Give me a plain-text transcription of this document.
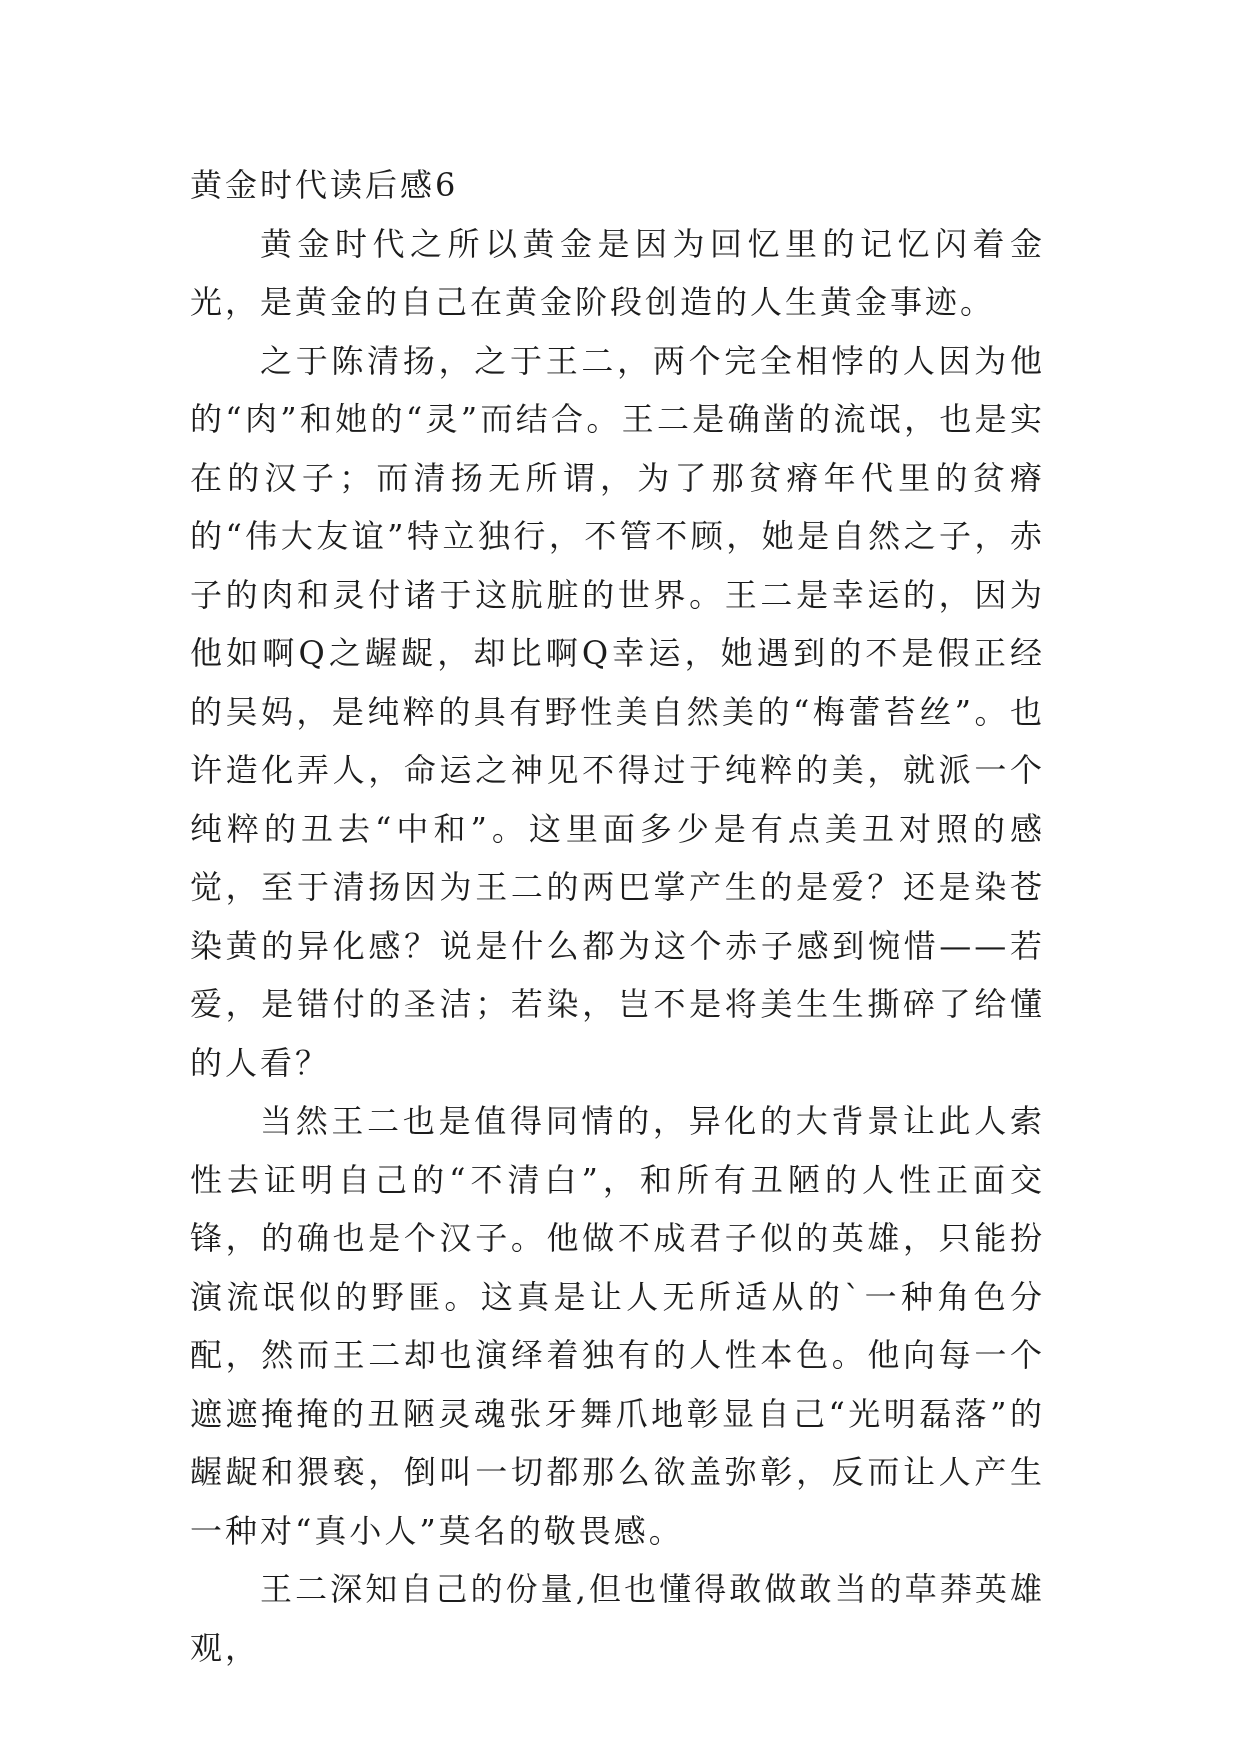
黄金时代读后感6

黄金时代之所以黄金是因为回忆里的记忆闪着金光，是黄金的自己在黄金阶段创造的人生黄金事迹。

之于陈清扬，之于王二，两个完全相悖的人因为他的“肉”和她的“灵”而结合。王二是确凿的流氓，也是实在的汉子；而清扬无所谓，为了那贫瘠年代里的贫瘠的“伟大友谊”特立独行，不管不顾，她是自然之子，赤子的肉和灵付诸于这肮脏的世界。王二是幸运的，因为他如啊Q之龌龊，却比啊Q幸运，她遇到的不是假正经的吴妈，是纯粹的具有野性美自然美的“梅蕾苔丝”。也许造化弄人，命运之神见不得过于纯粹的美，就派一个纯粹的丑去“中和”。这里面多少是有点美丑对照的感觉，至于清扬因为王二的两巴掌产生的是爱？还是染苍染黄的异化感？说是什么都为这个赤子感到惋惜——若爱，是错付的圣洁；若染，岂不是将美生生撕碎了给懂的人看？

当然王二也是值得同情的，异化的大背景让此人索性去证明自己的“不清白”，和所有丑陋的人性正面交锋，的确也是个汉子。他做不成君子似的英雄，只能扮演流氓似的野匪。这真是让人无所适从的`一种角色分配，然而王二却也演绎着独有的人性本色。他向每一个遮遮掩掩的丑陋灵魂张牙舞爪地彰显自己“光明磊落”的龌龊和猥亵，倒叫一切都那么欲盖弥彰，反而让人产生一种对“真小人”莫名的敬畏感。

王二深知自己的份量,但也懂得敢做敢当的草莽英雄观，
